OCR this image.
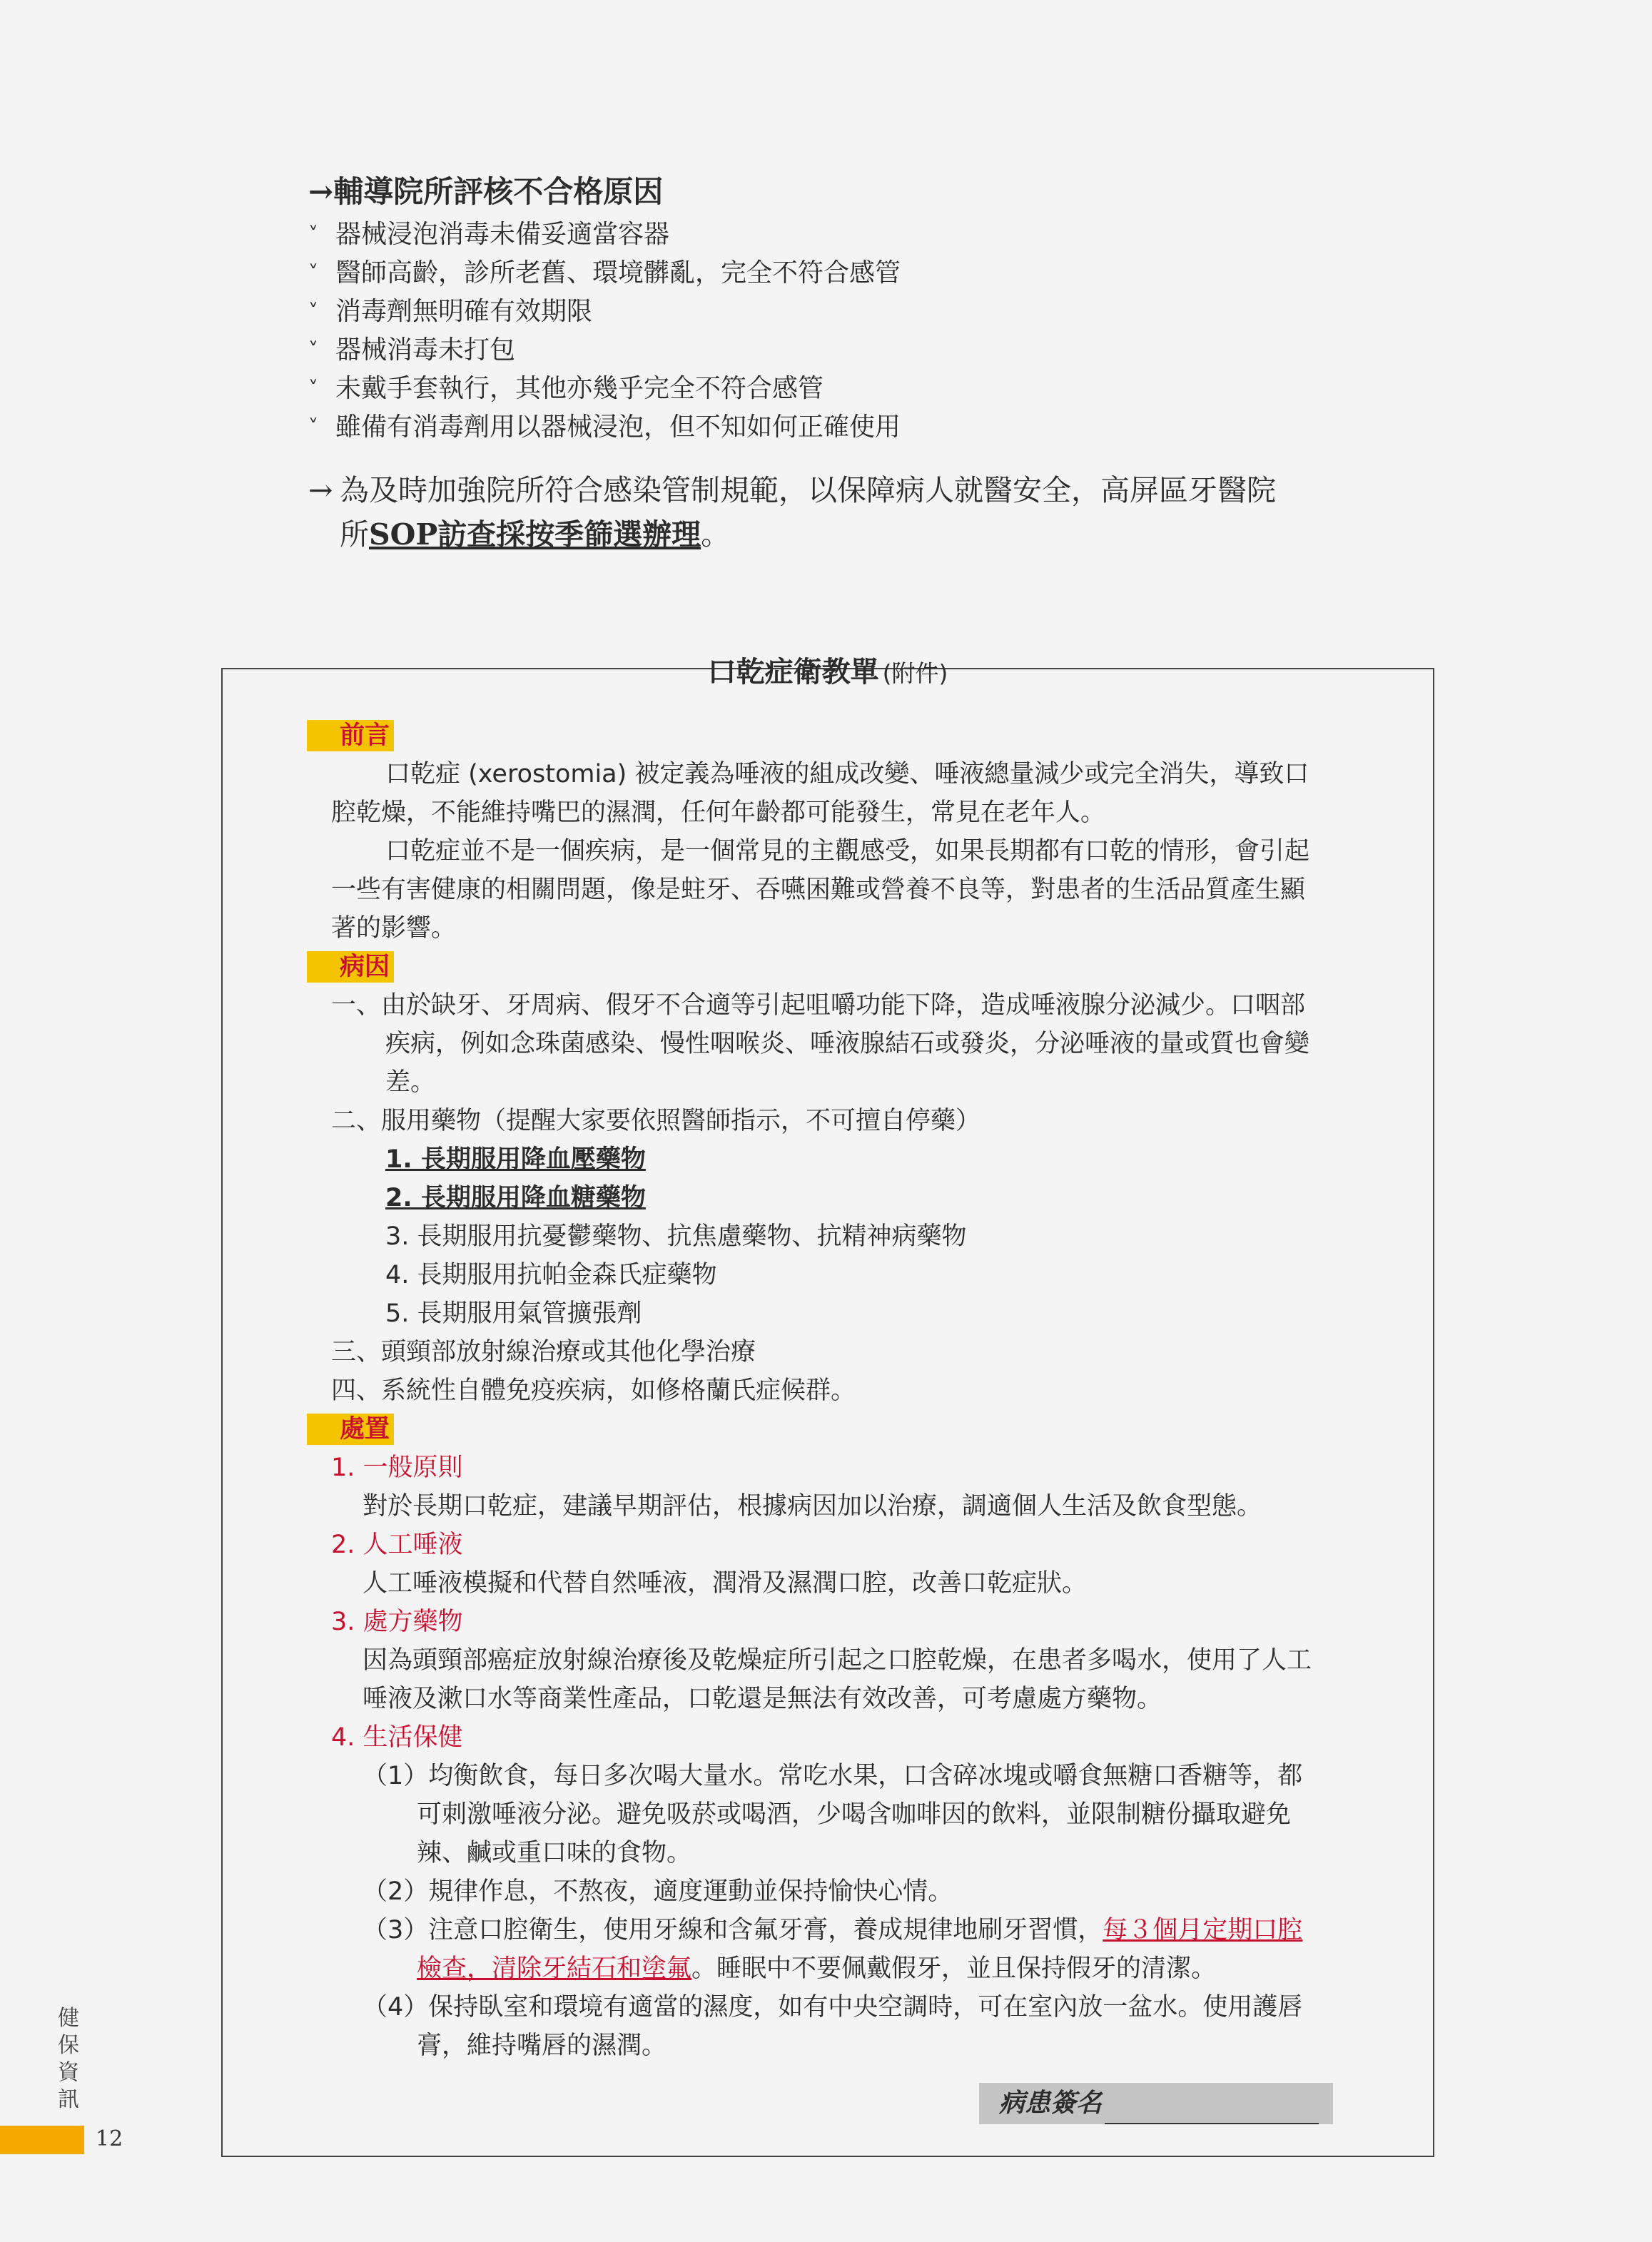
→輔導院所評核不合格原因
˅ 器械浸泡消毒未備妥適當容器
˅ 醫師高齡，診所老舊、環境髒亂，完全不符合感管
˅ 消毒劑無明確有效期限
˅ 器械消毒未打包
˅ 未戴手套執行，其他亦幾乎完全不符合感管
˅ 雖備有消毒劑用以器械浸泡，但不知如何正確使用
→ 為及時加強院所符合感染管制規範，以保障病人就醫安全，高屏區牙醫院
所SOP訪查採按季篩選辦理。
口乾症衛教單 (附件)
前言
口乾症 (xerostomia) 被定義為唾液的組成改變、唾液總量減少或完全消失，導致口腔乾燥，不能維持嘴巴的濕潤，任何年齡都可能發生，常見在老年人。
口乾症並不是一個疾病，是一個常見的主觀感受，如果長期都有口乾的情形，會引起一些有害健康的相關問題，像是蛀牙、吞嚥困難或營養不良等，對患者的生活品質產生顯著的影響。
病因
一、由於缺牙、牙周病、假牙不合適等引起咀嚼功能下降，造成唾液腺分泌減少。口咽部疾病，例如念珠菌感染、慢性咽喉炎、唾液腺結石或發炎，分泌唾液的量或質也會變差。
二、服用藥物（提醒大家要依照醫師指示，不可擅自停藥）
1. 長期服用降血壓藥物
2. 長期服用降血糖藥物
3. 長期服用抗憂鬱藥物、抗焦慮藥物、抗精神病藥物
4. 長期服用抗帕金森氏症藥物
5. 長期服用氣管擴張劑
三、頭頸部放射線治療或其他化學治療
四、系統性自體免疫疾病，如修格蘭氏症候群。
處置
1. 一般原則
對於長期口乾症，建議早期評估，根據病因加以治療，調適個人生活及飲食型態。
2. 人工唾液
人工唾液模擬和代替自然唾液，潤滑及濕潤口腔，改善口乾症狀。
3. 處方藥物
因為頭頸部癌症放射線治療後及乾燥症所引起之口腔乾燥，在患者多喝水，使用了人工唾液及漱口水等商業性產品，口乾還是無法有效改善，可考慮處方藥物。
4. 生活保健
（1）均衡飲食，每日多次喝大量水。常吃水果，口含碎冰塊或嚼食無糖口香糖等，都可刺激唾液分泌。避免吸菸或喝酒，少喝含咖啡因的飲料，並限制糖份攝取避免辣、鹹或重口味的食物。
（2）規律作息，不熬夜，適度運動並保持愉快心情。
（3）注意口腔衛生，使用牙線和含氟牙膏，養成規律地刷牙習慣，每３個月定期口腔檢查，清除牙結石和塗氟。睡眠中不要佩戴假牙，並且保持假牙的清潔。
（4）保持臥室和環境有適當的濕度，如有中央空調時，可在室內放一盆水。使用護唇膏，維持嘴唇的濕潤。
病患簽名
健
保
資
訊
12
